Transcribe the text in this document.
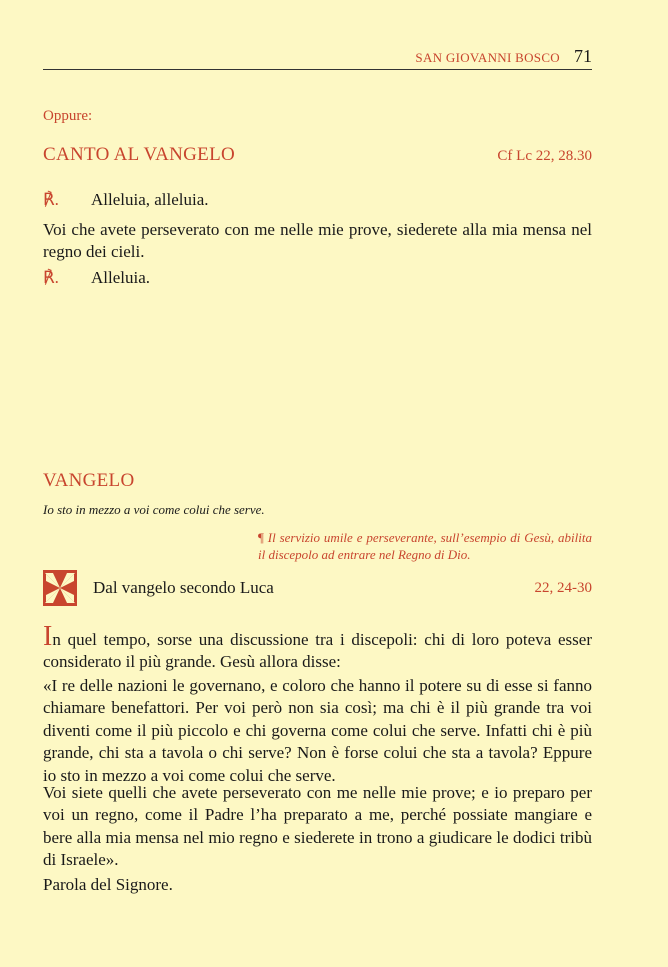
SAN GIOVANNI BOSCO 71
Oppure:
CANTO AL VANGELO	Cf Lc 22, 28.30
℟.	Alleluia, alleluia.
Voi che avete perseverato con me nelle mie prove, siederete alla mia mensa nel regno dei cieli.
℟.	Alleluia.
VANGELO
Io sto in mezzo a voi come colui che serve.
¶ Il servizio umile e perseverante, sull’esempio di Gesù, abilita il discepolo ad entrare nel Regno di Dio.
Dal vangelo secondo Luca	22, 24-30
In quel tempo, sorse una discussione tra i discepoli: chi di loro poteva esser considerato il più grande. Gesù allora disse:
«I re delle nazioni le governano, e coloro che hanno il potere su di esse si fanno chiamare benefattori. Per voi però non sia così; ma chi è il più grande tra voi diventi come il più piccolo e chi governa come colui che serve. Infatti chi è più grande, chi sta a tavola o chi serve? Non è forse colui che sta a tavola? Eppure io sto in mezzo a voi come colui che serve.
Voi siete quelli che avete perseverato con me nelle mie prove; e io preparo per voi un regno, come il Padre l’ha preparato a me, perché possiate mangiare e bere alla mia mensa nel mio regno e siederete in trono a giudicare le dodici tribù di Israele».
Parola del Signore.
